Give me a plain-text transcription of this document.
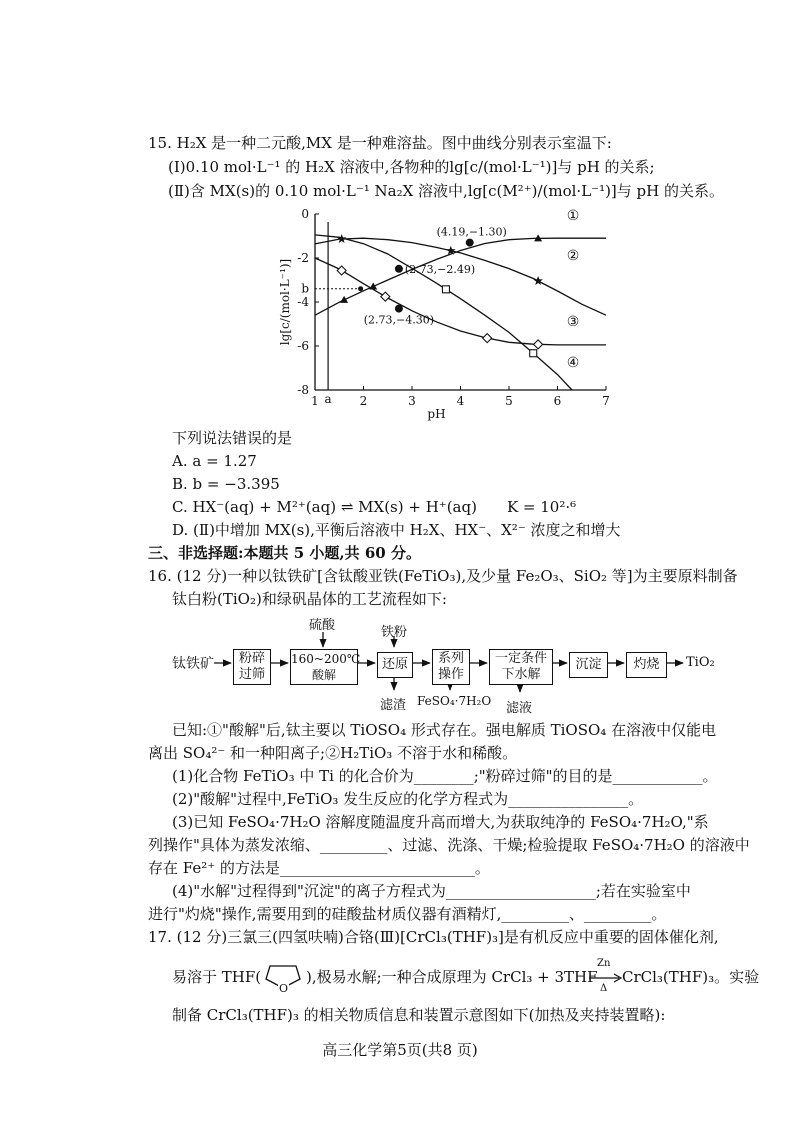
15. H₂X 是一种二元酸,MX 是一种难溶盐。图中曲线分别表示室温下:
(Ⅰ)0.10 mol·L⁻¹ 的 H₂X 溶液中,各物种的lg[c/(mol·L⁻¹)]与 pH 的关系;
(Ⅱ)含 MX(s)的 0.10 mol·L⁻¹ Na₂X 溶液中,lg[c(M²⁺)/(mol·L⁻¹)]与 pH 的关系。
1	2	3	4	5	6	7
a
0
-2
-4
-6
-8
b
lg[c/(mol·L⁻¹)]
pH
①
②
③
④
(4.19,−1.30)
(2.73,−2.49)
(2.73,−4.30)
下列说法错误的是
A. a = 1.27
B. b = −3.395
C. HX⁻(aq) + M²⁺(aq) ⇌ MX(s) + H⁺(aq)　　K = 10²·⁶
D. (Ⅱ)中增加 MX(s),平衡后溶液中 H₂X、HX⁻、X²⁻ 浓度之和增大
三、非选择题:本题共 5 小题,共 60 分。
16. (12 分)一种以钛铁矿[含钛酸亚铁(FeTiO₃),及少量 Fe₂O₃、SiO₂ 等]为主要原料制备
钛白粉(TiO₂)和绿矾晶体的工艺流程如下:
钛铁矿	粉碎
过筛
160~200℃
酸解
还原	系列
操作
一定条件
下水解
沉淀	灼烧	TiO₂
硫酸	铁粉
滤渣 FeSO₄·7H₂O 滤液
已知:①"酸解"后,钛主要以 TiOSO₄ 形式存在。强电解质 TiOSO₄ 在溶液中仅能电
离出 SO₄²⁻ 和一种阳离子;②H₂TiO₃ 不溶于水和稀酸。
(1)化合物 FeTiO₃ 中 Ti 的化合价为________;"粉碎过筛"的目的是____________。
(2)"酸解"过程中,FeTiO₃ 发生反应的化学方程式为________________。
(3)已知 FeSO₄·7H₂O 溶解度随温度升高而增大,为获取纯净的 FeSO₄·7H₂O,"系
列操作"具体为蒸发浓缩、_________、过滤、洗涤、干燥;检验提取 FeSO₄·7H₂O 的溶液中
存在 Fe²⁺ 的方法是__________________________。
(4)"水解"过程得到"沉淀"的离子方程式为____________________;若在实验室中
进行"灼烧"操作,需要用到的硅酸盐材质仪器有酒精灯,_________、_________。
17. (12 分)三氯三(四氢呋喃)合铬(Ⅲ)[CrCl₃(THF)₃]是有机反应中重要的固体催化剂,
易溶于 THF(
O
),极易水解;一种合成原理为 CrCl₃ + 3THF
Zn
Δ
CrCl₃(THF)₃。实验
制备 CrCl₃(THF)₃ 的相关物质信息和装置示意图如下(加热及夹持装置略):
高三化学第5页(共8 页)
